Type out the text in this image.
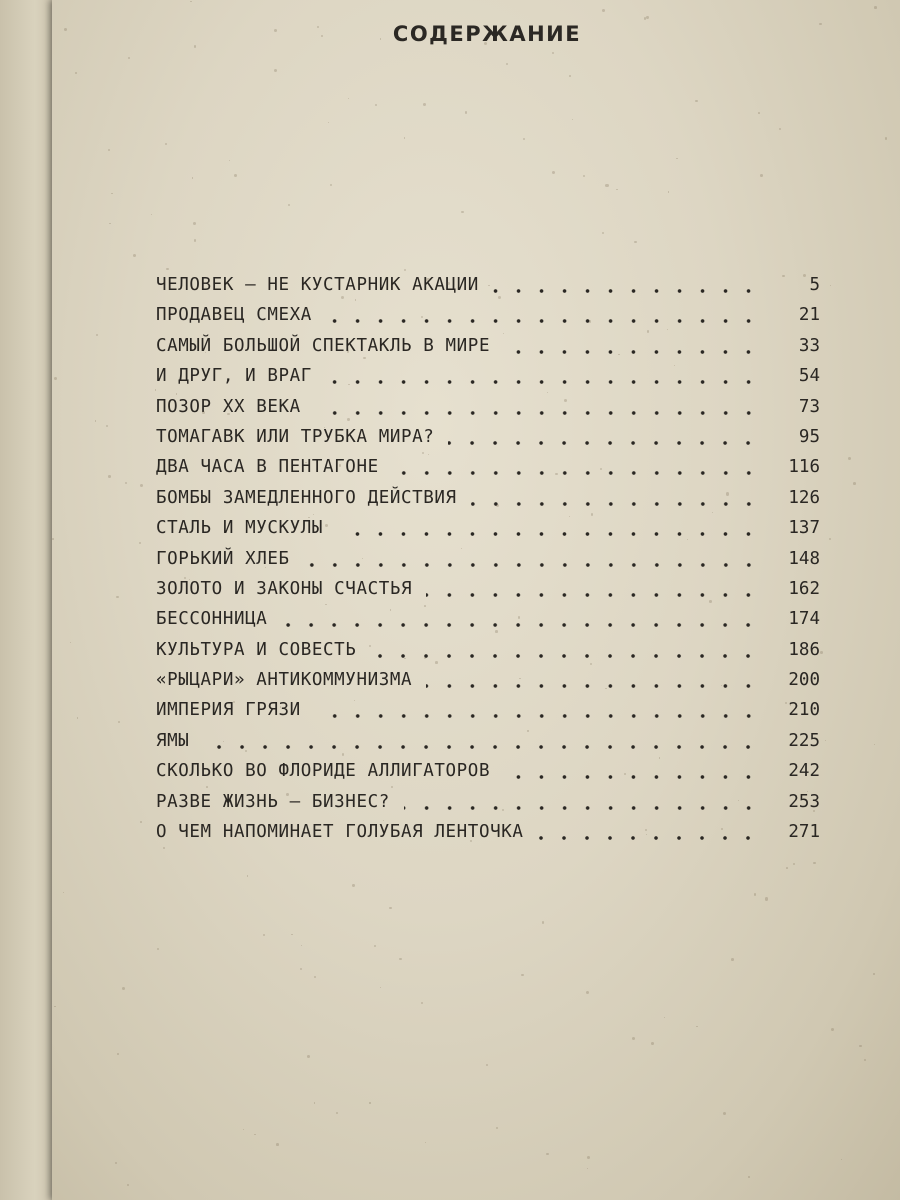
СОДЕРЖАНИЕ
ЧЕЛОВЕК — НЕ КУСТАРНИК АКАЦИИ	5
ПРОДАВЕЦ СМЕХА	21
САМЫЙ БОЛЬШОЙ СПЕКТАКЛЬ В МИРЕ	33
И ДРУГ, И ВРАГ	54
ПОЗОР XX ВЕКА	73
ТОМАГАВК ИЛИ ТРУБКА МИРА?	95
ДВА ЧАСА В ПЕНТАГОНЕ	116
БОМБЫ ЗАМЕДЛЕННОГО ДЕЙСТВИЯ	126
СТАЛЬ И МУСКУЛЫ	137
ГОРЬКИЙ ХЛЕБ	148
ЗОЛОТО И ЗАКОНЫ СЧАСТЬЯ	162
БЕССОННИЦА	174
КУЛЬТУРА И СОВЕСТЬ	186
«РЫЦАРИ» АНТИКОММУНИЗМА	200
ИМПЕРИЯ ГРЯЗИ	210
ЯМЫ	225
СКОЛЬКО ВО ФЛОРИДЕ АЛЛИГАТОРОВ	242
РАЗВЕ ЖИЗНЬ — БИЗНЕС?	253
О ЧЕМ НАПОМИНАЕТ ГОЛУБАЯ ЛЕНТОЧКА	271
